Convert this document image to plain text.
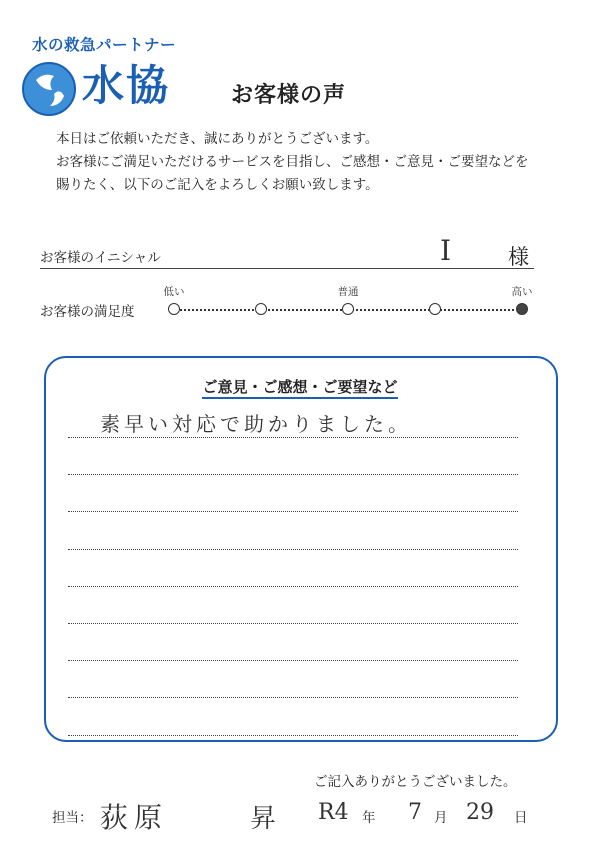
水の救急パートナー
水協	お客様の声
本日はご依頼いただき、誠にありがとうございます。
お客様にご満足いただけるサービスを目指し、ご感想・ご意見・ご要望などを
賜りたく、以下のご記入をよろしくお願い致します。
お客様のイニシャル	I	様
お客様の満足度
低い	普通	高い
ご意見・ご感想・ご要望など
素早い対応で助かりました。
ご記入ありがとうございました。
担当： 荻原	昇 R4 年 7 月 29 日
